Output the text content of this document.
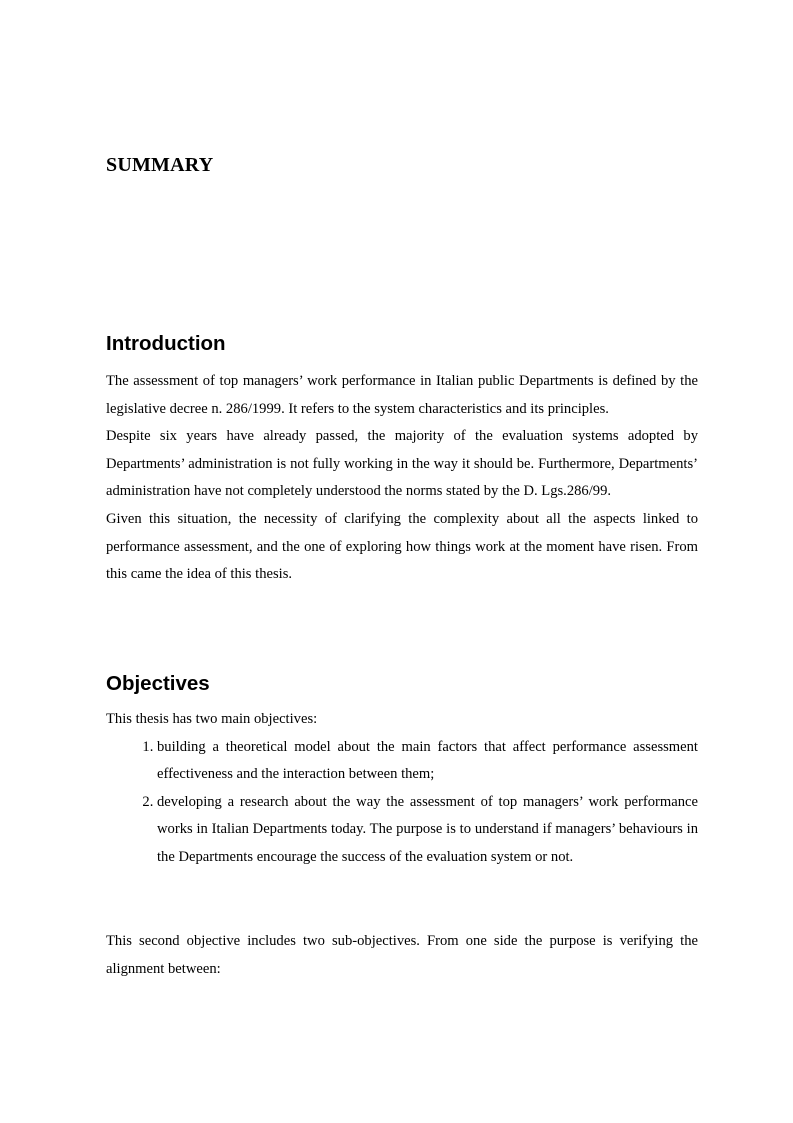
SUMMARY
Introduction

The assessment of top managers’ work performance in Italian public Departments is defined by the legislative decree n. 286/1999. It refers to the system characteristics and its principles.

Despite six years have already passed, the majority of the evaluation systems adopted by Departments’ administration is not fully working in the way it should be. Furthermore, Departments’ administration have not completely understood the norms stated by the D. Lgs.286/99.

Given this situation, the necessity of clarifying the complexity about all the aspects linked to performance assessment, and the one of exploring how things work at the moment have risen. From this came the idea of this thesis.

Objectives

This thesis has two main objectives:

1. building a theoretical model about the main factors that affect performance assessment effectiveness and the interaction between them;
2. developing a research about the way the assessment of top managers’ work performance works in Italian Departments today. The purpose is to understand if managers’ behaviours in the Departments encourage the success of the evaluation system or not.

This second objective includes two sub-objectives. From one side the purpose is verifying the alignment between:
